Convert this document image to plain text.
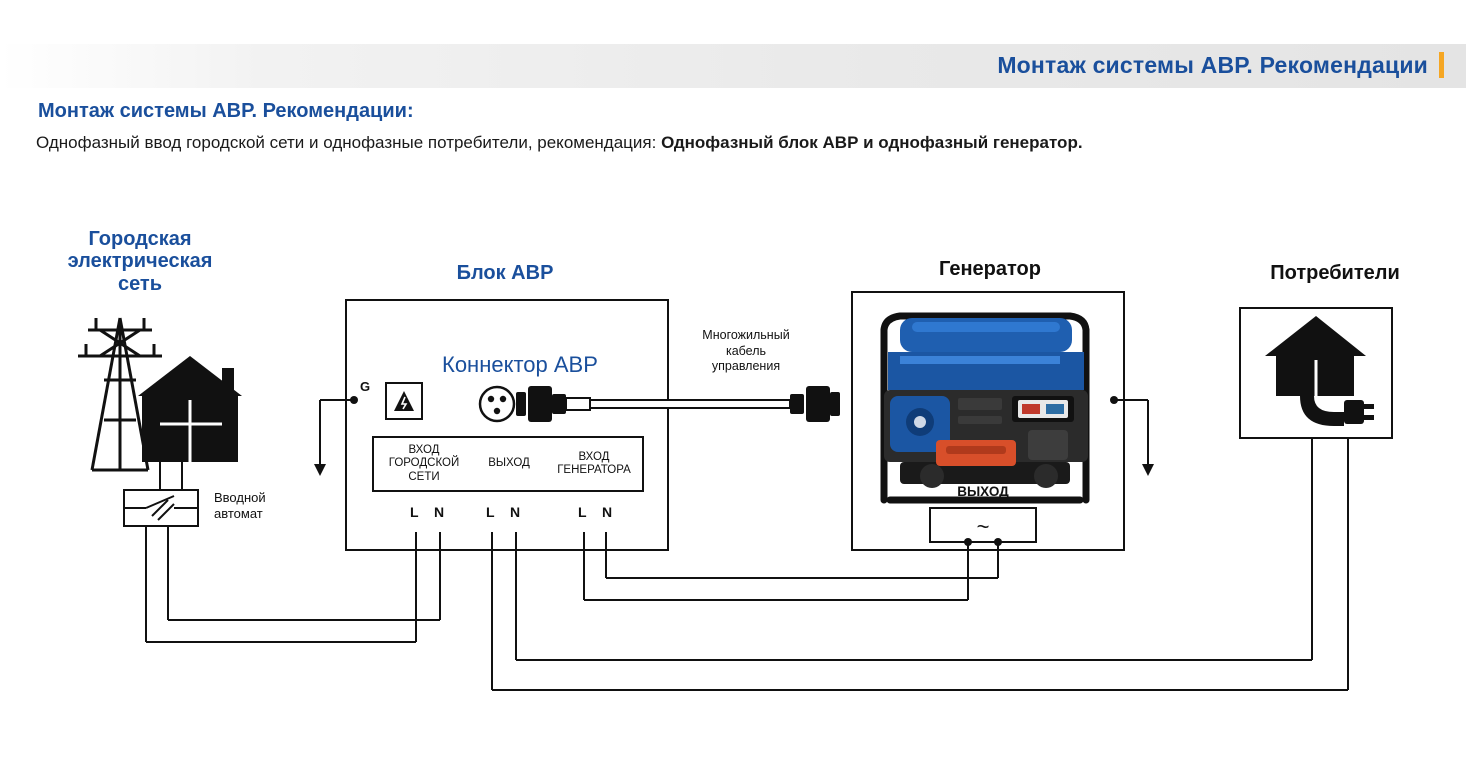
Монтаж системы АВР. Рекомендации
Монтаж системы АВР. Рекомендации:
Однофазный ввод городской сети и однофазные потребители, рекомендация: Однофазный блок АВР и однофазный генератор.
Городская
электрическая
сеть	Блок АВР	Генератор	Потребители
~
G
Коннектор АВР
Многожильный
кабель
управления
Вводной
автомат
ВХОД
ГОРОДСКОЙ
СЕТИ
ВЫХОД
ВХОД
ГЕНЕРАТОРА
L N	L N	L N
ВЫХОД
